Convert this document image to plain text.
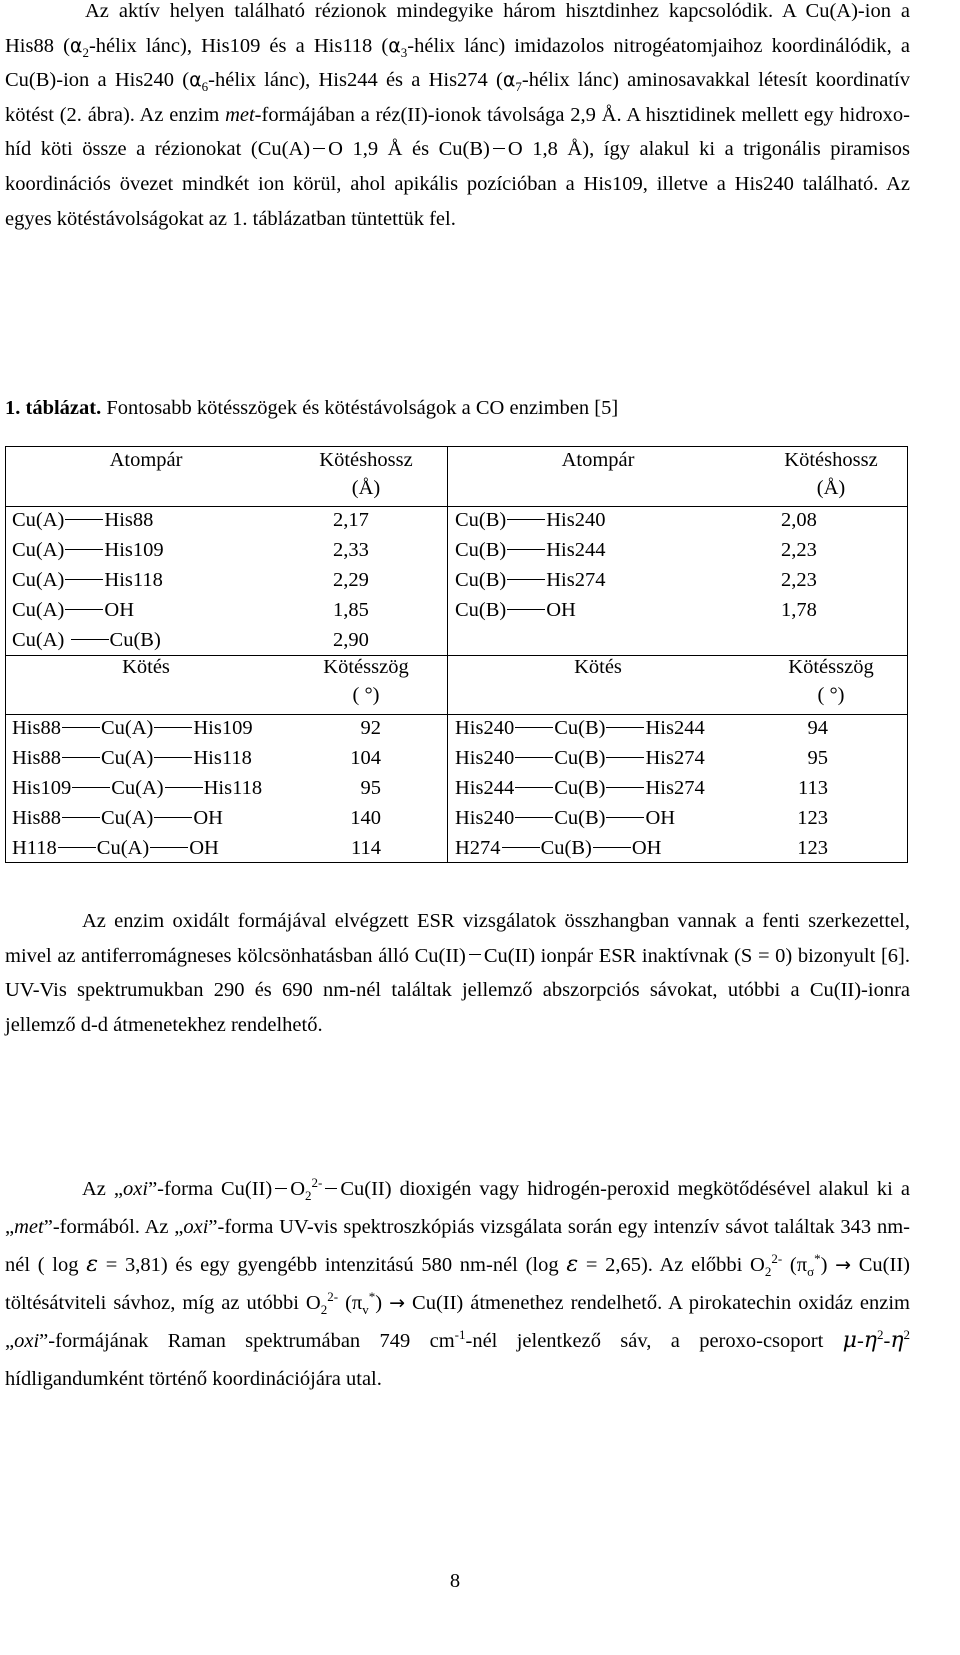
Az aktív helyen található rézionok mindegyike három hisztdinhez kapcsolódik. A Cu(A)-ion a His88 ($\alpha_2$-hélix lánc), His109 és a His118 ($\alpha_3$-hélix lánc) imidazolos nitrogéatomjaihoz koordinálódik, a Cu(B)-ion a His240 ($\alpha_6$-hélix lánc), His244 és a His274 ($\alpha_7$-hélix lánc) aminosavakkal létesít koordinatív kötést (2. ábra). Az enzim met-formájában a réz(II)-ionok távolsága 2,9 Å. A hisztidinek mellett egy hidroxo-híd köti össze a rézionokat (Cu(A) O 1,9 Å és Cu(B) O 1,8 Å), így alakul ki a trigonális piramisos koordinációs övezet mindkét ion körül, ahol apikális pozícióban a His109, illetve a His240 található. Az egyes kötéstávolságokat az 1. táblázatban tüntettük fel.

1. táblázat. Fontosabb kötésszögek és kötéstávolságok a CO enzimben [5]
Atompár	Kötéshossz
(Å)
Atompár	Kötéshossz
(Å)
Cu(A) His88	2,17
Cu(A) His109	2,33
Cu(A) His118	2,29
Cu(A) OH	1,85
Cu(A) Cu(B)	2,90
Cu(B) His240	2,08
Cu(B) His244	2,23
Cu(B) His274	2,23
Cu(B) OH	1,78
Kötés	Kötésszög
( °)
Kötés	Kötésszög
( °)
His88 Cu(A) His109	92
His88 Cu(A) His118	104
His109 Cu(A) His118	95
His88 Cu(A) OH	140
H118 Cu(A) OH	114
His240 Cu(B) His244	94
His240 Cu(B) His274	95
His244 Cu(B) His274	113
His240 Cu(B) OH	123
H274 Cu(B) OH	123

Az enzim oxidált formájával elvégzett ESR vizsgálatok összhangban vannak a fenti szerkezettel, mivel az antiferromágneses kölcsönhatásban álló Cu(II) Cu(II) ionpár ESR inaktívnak (S = 0) bizonyult [6]. UV-Vis spektrumukban 290 és 690 nm-nél találtak jellemző abszorpciós sávokat, utóbbi a Cu(II)-ionra jellemző d-d átmenetekhez rendelhető.

Az „oxi”-forma Cu(II) $O_2^{2-}$ Cu(II) dioxigén vagy hidrogén-peroxid megkötődésével alakul ki a „met”-formából. Az „oxi”-forma UV-vis spektroszkópiás vizsgálata során egy intenzív sávot találtak 343 nm-nél ( log ε = 3,81) és egy gyengébb intenzitású 580 nm-nél (log ε = 2,65). Az előbbi $O_2^{2-}$ $(\pi_\sigma^*) \to Cu(II)$ töltésátviteli sávhoz, míg az utóbbi $O_2^{2-}$ $(\pi_v^*) \to Cu(II)$ átmenethez rendelhető. A pirokatechin oxidáz enzim „oxi”-formájának Raman spektrumában 749 $cm^{-1}$-nél jelentkező sáv, a peroxo-csoport $\mu-\eta^2-\eta^2$ hídligandumként történő koordinációjára utal.

8
